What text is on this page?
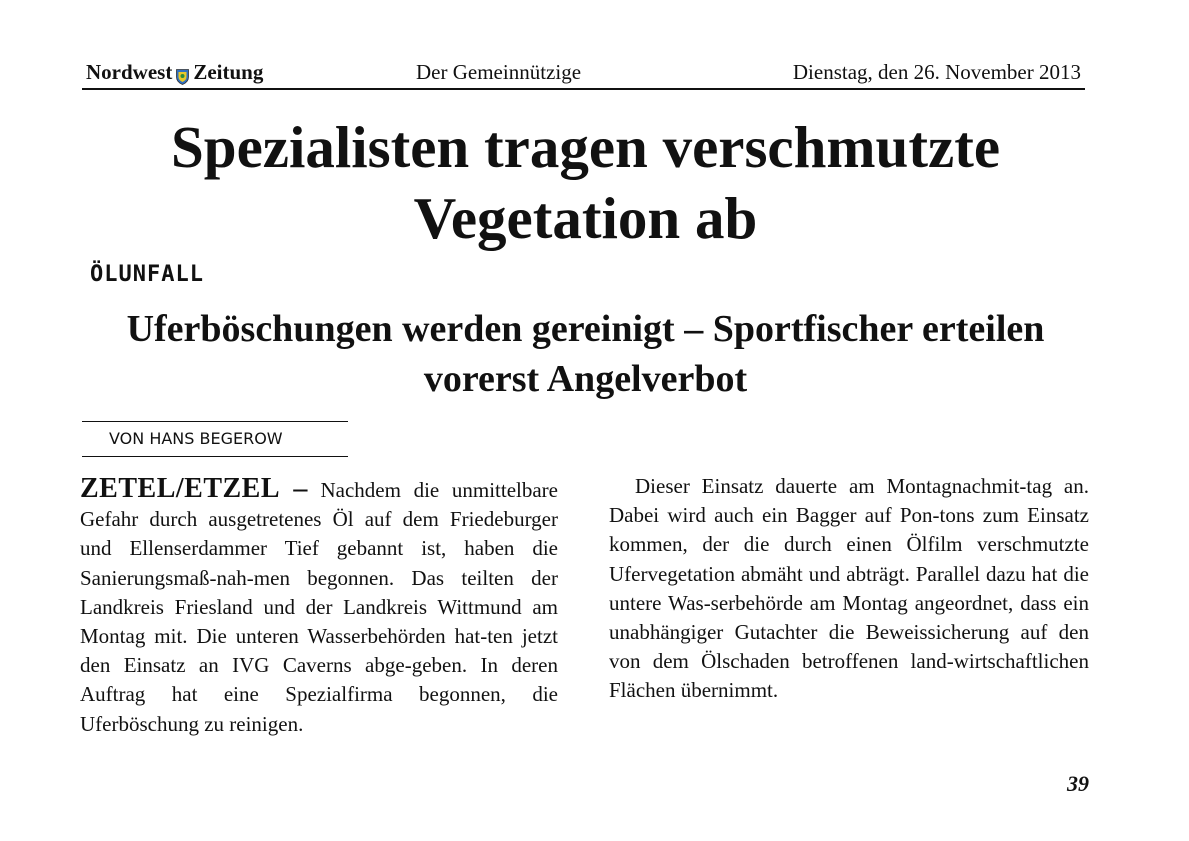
Nordwest Zeitung	Der Gemeinnützige	Dienstag, den 26. November 2013
Spezialisten tragen verschmutzte Vegetation ab
ÖLUNFALL
Uferböschungen werden gereinigt – Sportfischer erteilen vorerst Angelverbot
VON HANS BEGEROW

ZETEL/ETZEL – Nachdem die unmittelbare Gefahr durch ausgetretenes Öl auf dem Friedeburger und Ellenserdammer Tief gebannt ist, haben die Sanierungsmaß-nah-men begonnen. Das teilten der Landkreis Friesland und der Landkreis Wittmund am Montag mit. Die unteren Wasserbehörden hat-ten jetzt den Einsatz an IVG Caverns abge-geben. In deren Auftrag hat eine Spezialfirma begonnen, die Uferböschung zu reinigen.

Dieser Einsatz dauerte am Montagnachmit-tag an. Dabei wird auch ein Bagger auf Pon-tons zum Einsatz kommen, der die durch einen Ölfilm verschmutzte Ufervegetation abmäht und abträgt. Parallel dazu hat die untere Was-serbehörde am Montag angeordnet, dass ein unabhängiger Gutachter die Beweissicherung auf den von dem Ölschaden betroffenen land-wirtschaftlichen Flächen übernimmt.

39
